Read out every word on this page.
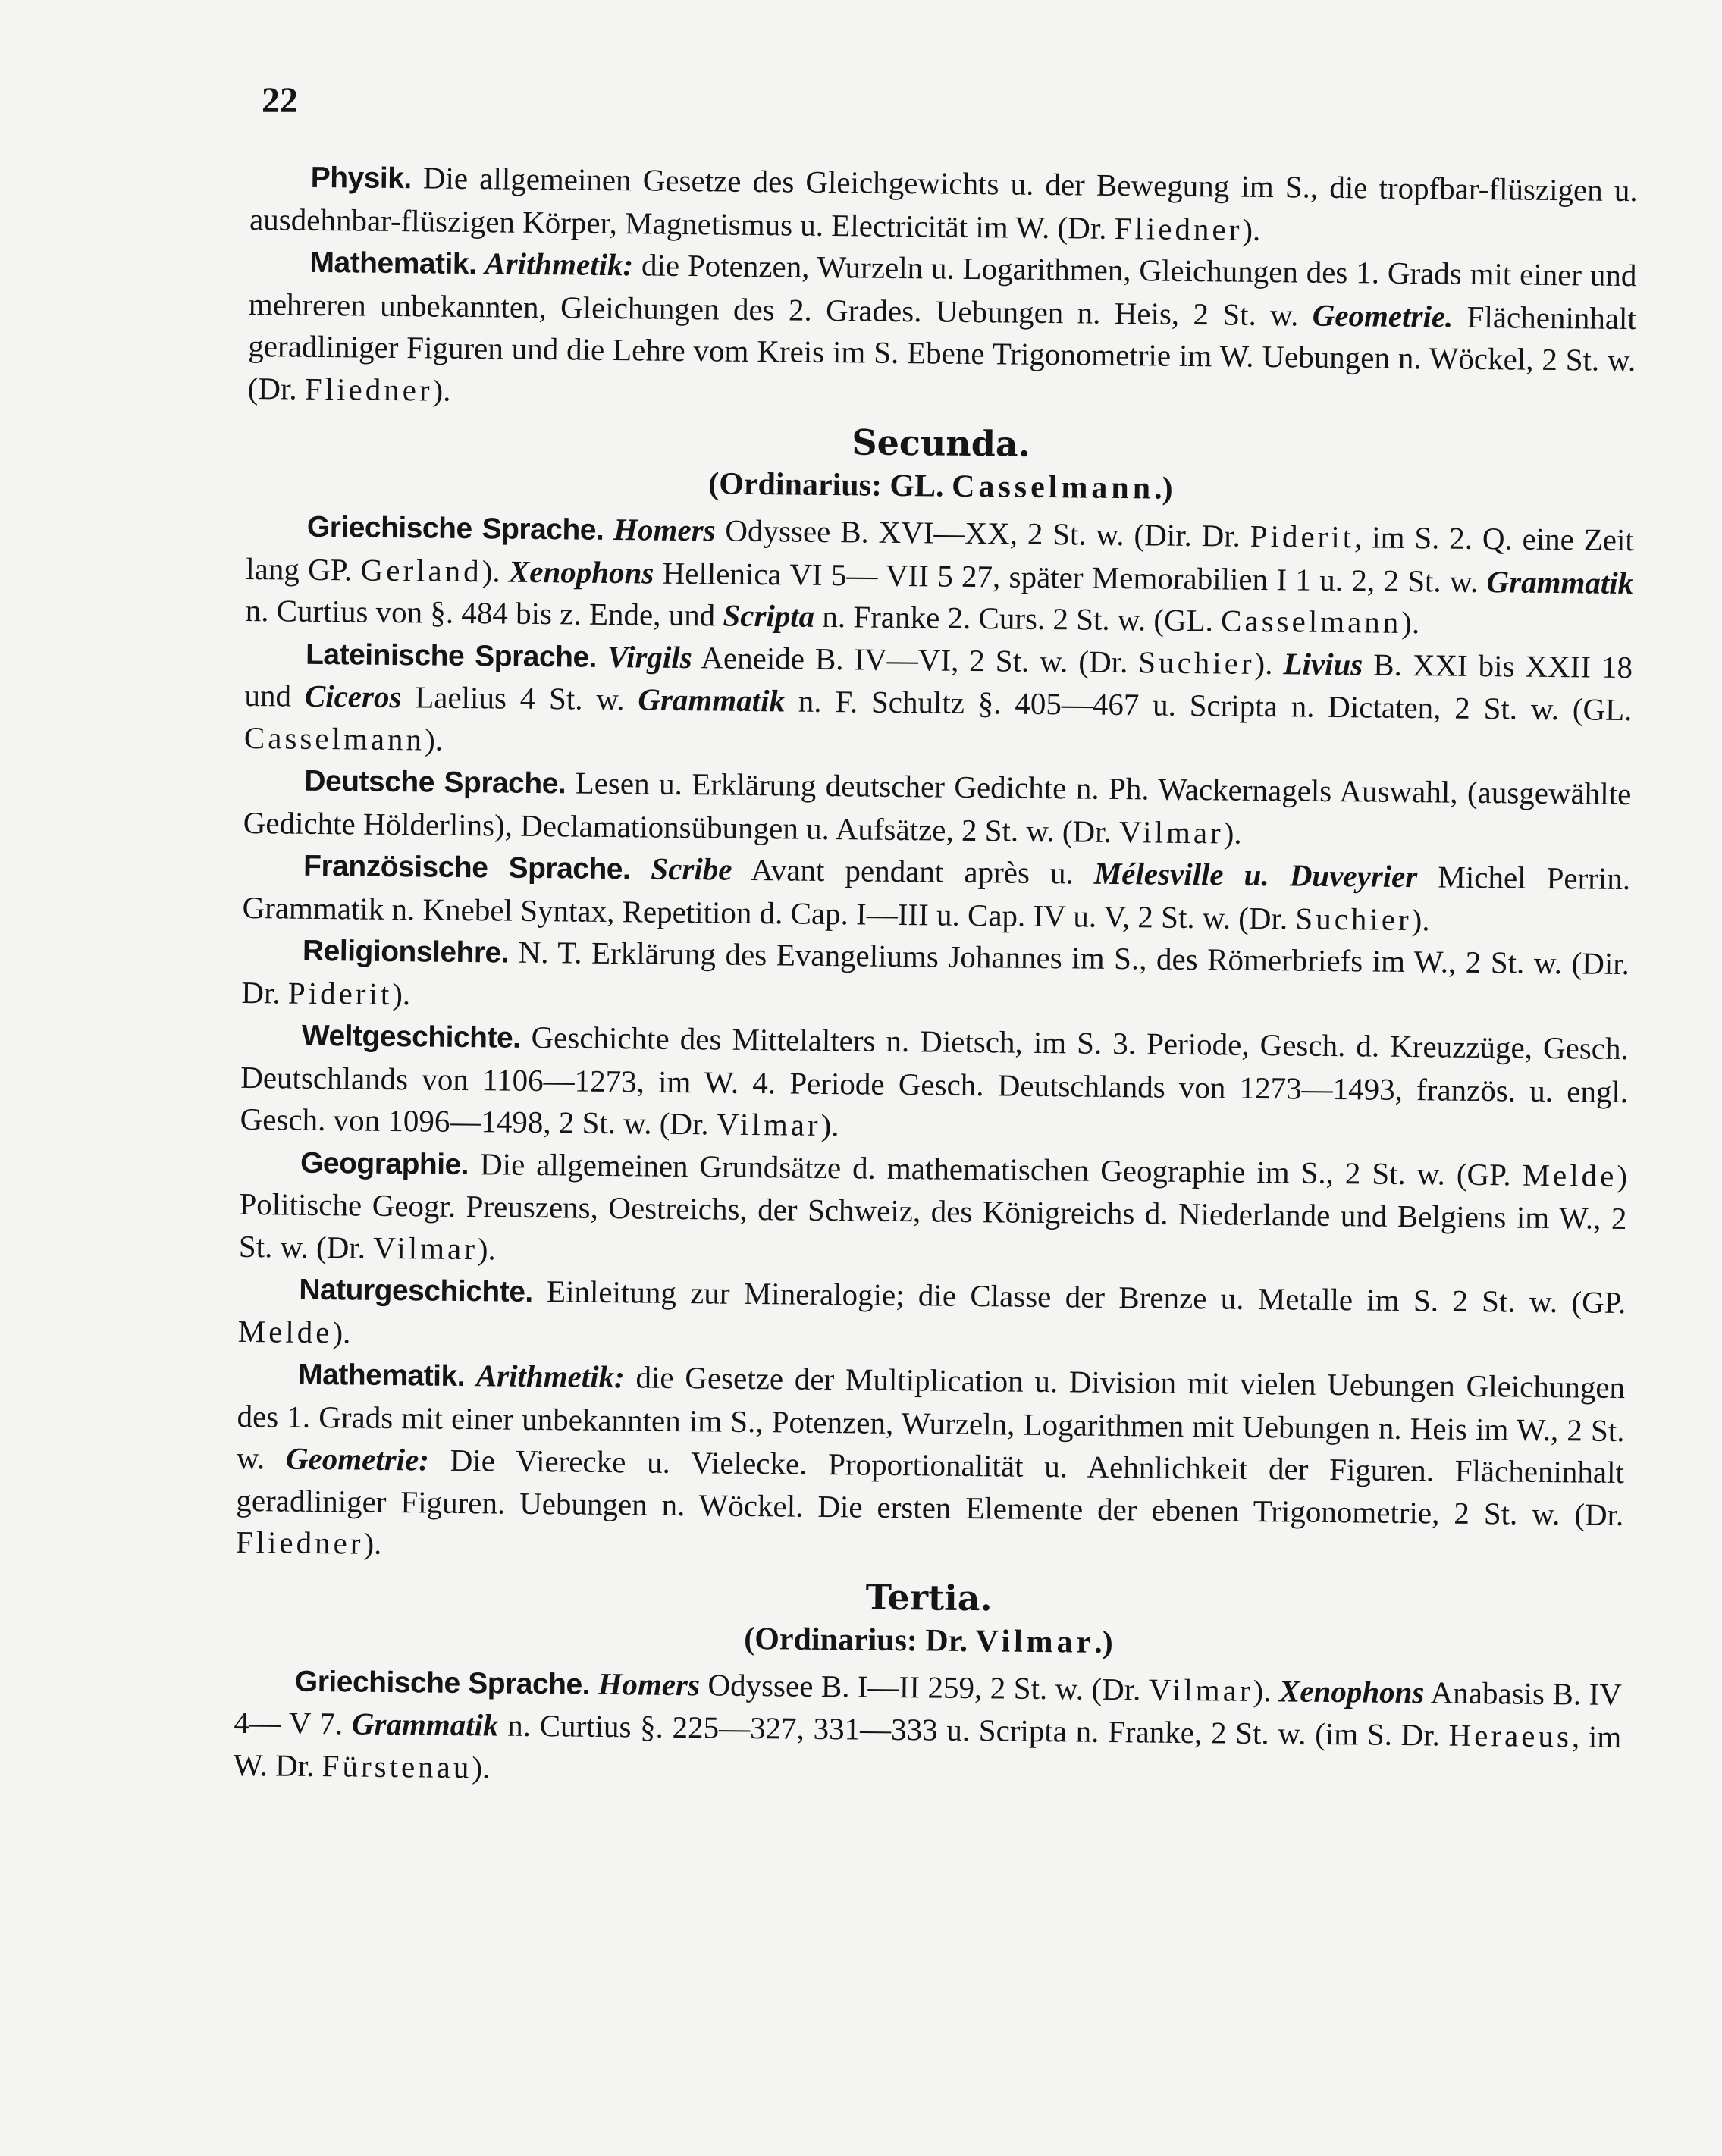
22

Physik. Die allgemeinen Gesetze des Gleichgewichts u. der Bewegung im S., die tropfbar-flüszigen u. ausdehnbar-flüszigen Körper, Magnetismus u. Electricität im W. (Dr. Fliedner).

Mathematik. Arithmetik: die Potenzen, Wurzeln u. Logarithmen, Gleichungen des 1. Grads mit einer und mehreren unbekannten, Gleichungen des 2. Grades. Uebungen n. Heis, 2 St. w. Geometrie. Flächeninhalt geradliniger Figuren und die Lehre vom Kreis im S. Ebene Trigonometrie im W. Uebungen n. Wöckel, 2 St. w. (Dr. Fliedner).

Secunda.
(Ordinarius: GL. Casselmann.)

Griechische Sprache. Homers Odyssee B. XVI—XX, 2 St. w. (Dir. Dr. Piderit, im S. 2. Q. eine Zeit lang GP. Gerland). Xenophons Hellenica VI 5— VII 5 27, später Memorabilien I 1 u. 2, 2 St. w. Grammatik n. Curtius von §. 484 bis z. Ende, und Scripta n. Franke 2. Curs. 2 St. w. (GL. Casselmann).

Lateinische Sprache. Virgils Aeneide B. IV—VI, 2 St. w. (Dr. Suchier). Livius B. XXI bis XXII 18 und Ciceros Laelius 4 St. w. Grammatik n. F. Schultz §. 405—467 u. Scripta n. Dictaten, 2 St. w. (GL. Casselmann).

Deutsche Sprache. Lesen u. Erklärung deutscher Gedichte n. Ph. Wackernagels Auswahl, (ausgewählte Gedichte Hölderlins), Declamationsübungen u. Aufsätze, 2 St. w. (Dr. Vilmar).

Französische Sprache. Scribe Avant pendant après u. Mélesville u. Duveyrier Michel Perrin. Grammatik n. Knebel Syntax, Repetition d. Cap. I—III u. Cap. IV u. V, 2 St. w. (Dr. Suchier).

Religionslehre. N. T. Erklärung des Evangeliums Johannes im S., des Römerbriefs im W., 2 St. w. (Dir. Dr. Piderit).

Weltgeschichte. Geschichte des Mittelalters n. Dietsch, im S. 3. Periode, Gesch. d. Kreuzzüge, Gesch. Deutschlands von 1106—1273, im W. 4. Periode Gesch. Deutschlands von 1273—1493, französ. u. engl. Gesch. von 1096—1498, 2 St. w. (Dr. Vilmar).

Geographie. Die allgemeinen Grundsätze d. mathematischen Geographie im S., 2 St. w. (GP. Melde) Politische Geogr. Preuszens, Oestreichs, der Schweiz, des Königreichs d. Niederlande und Belgiens im W., 2 St. w. (Dr. Vilmar).

Naturgeschichte. Einleitung zur Mineralogie; die Classe der Brenze u. Metalle im S. 2 St. w. (GP. Melde).

Mathematik. Arithmetik: die Gesetze der Multiplication u. Division mit vielen Uebungen Gleichungen des 1. Grads mit einer unbekannten im S., Potenzen, Wurzeln, Logarithmen mit Uebungen n. Heis im W., 2 St. w. Geometrie: Die Vierecke u. Vielecke. Proportionalität u. Aehnlichkeit der Figuren. Flächeninhalt geradliniger Figuren. Uebungen n. Wöckel. Die ersten Elemente der ebenen Trigonometrie, 2 St. w. (Dr. Fliedner).

Tertia.
(Ordinarius: Dr. Vilmar.)

Griechische Sprache. Homers Odyssee B. I—II 259, 2 St. w. (Dr. Vilmar). Xenophons Anabasis B. IV 4— V 7. Grammatik n. Curtius §. 225—327, 331—333 u. Scripta n. Franke, 2 St. w. (im S. Dr. Heraeus, im W. Dr. Fürstenau).
